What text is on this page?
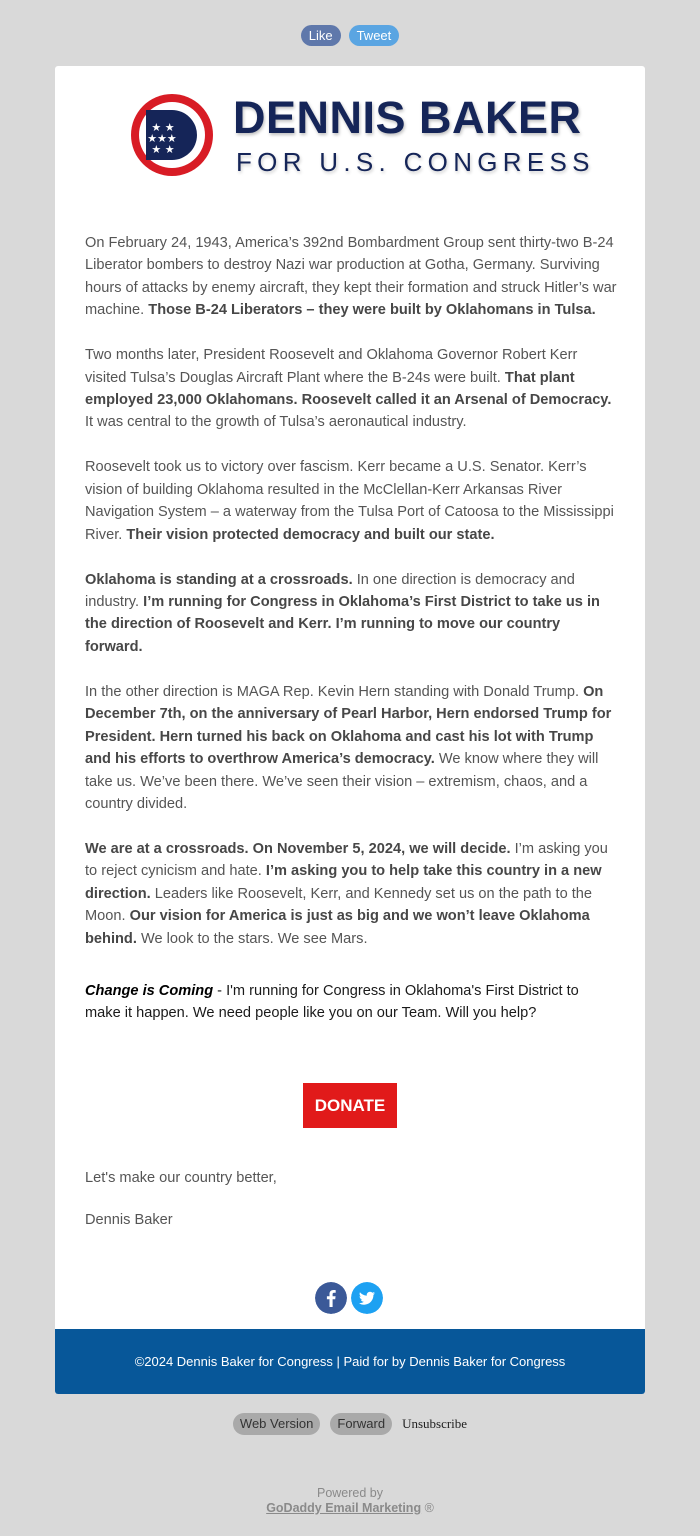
Like	Tweet
★ ★
★★★
★ ★
DENNIS BAKER
FOR U.S. CONGRESS

On February 24, 1943, America’s 392nd Bombardment Group sent thirty-two B-24 Liberator bombers to destroy Nazi war production at Gotha, Germany. Surviving hours of attacks by enemy aircraft, they kept their formation and struck Hitler’s war machine. Those B-24 Liberators – they were built by Oklahomans in Tulsa.

Two months later, President Roosevelt and Oklahoma Governor Robert Kerr visited Tulsa’s Douglas Aircraft Plant where the B-24s were built. That plant employed 23,000 Oklahomans. Roosevelt called it an Arsenal of Democracy. It was central to the growth of Tulsa’s aeronautical industry.

Roosevelt took us to victory over fascism. Kerr became a U.S. Senator. Kerr’s vision of building Oklahoma resulted in the McClellan-Kerr Arkansas River Navigation System – a waterway from the Tulsa Port of Catoosa to the Mississippi River. Their vision protected democracy and built our state.

Oklahoma is standing at a crossroads. In one direction is democracy and industry. I’m running for Congress in Oklahoma’s First District to take us in the direction of Roosevelt and Kerr. I’m running to move our country forward.

In the other direction is MAGA Rep. Kevin Hern standing with Donald Trump. On December 7th, on the anniversary of Pearl Harbor, Hern endorsed Trump for President. Hern turned his back on Oklahoma and cast his lot with Trump and his efforts to overthrow America’s democracy. We know where they will take us. We’ve been there. We’ve seen their vision – extremism, chaos, and a country divided.

We are at a crossroads. On November 5, 2024, we will decide. I’m asking you to reject cynicism and hate. I’m asking you to help take this country in a new direction. Leaders like Roosevelt, Kerr, and Kennedy set us on the path to the Moon. Our vision for America is just as big and we won’t leave Oklahoma behind. We look to the stars. We see Mars.

Change is Coming - I'm running for Congress in Oklahoma's First District to make it happen. We need people like you on our Team. Will you help?

DONATE
Let's make our country better,
Dennis Baker
©2024 Dennis Baker for Congress | Paid for by Dennis Baker for Congress
Web Version	Forward	Unsubscribe
Powered by
GoDaddy Email Marketing ®
